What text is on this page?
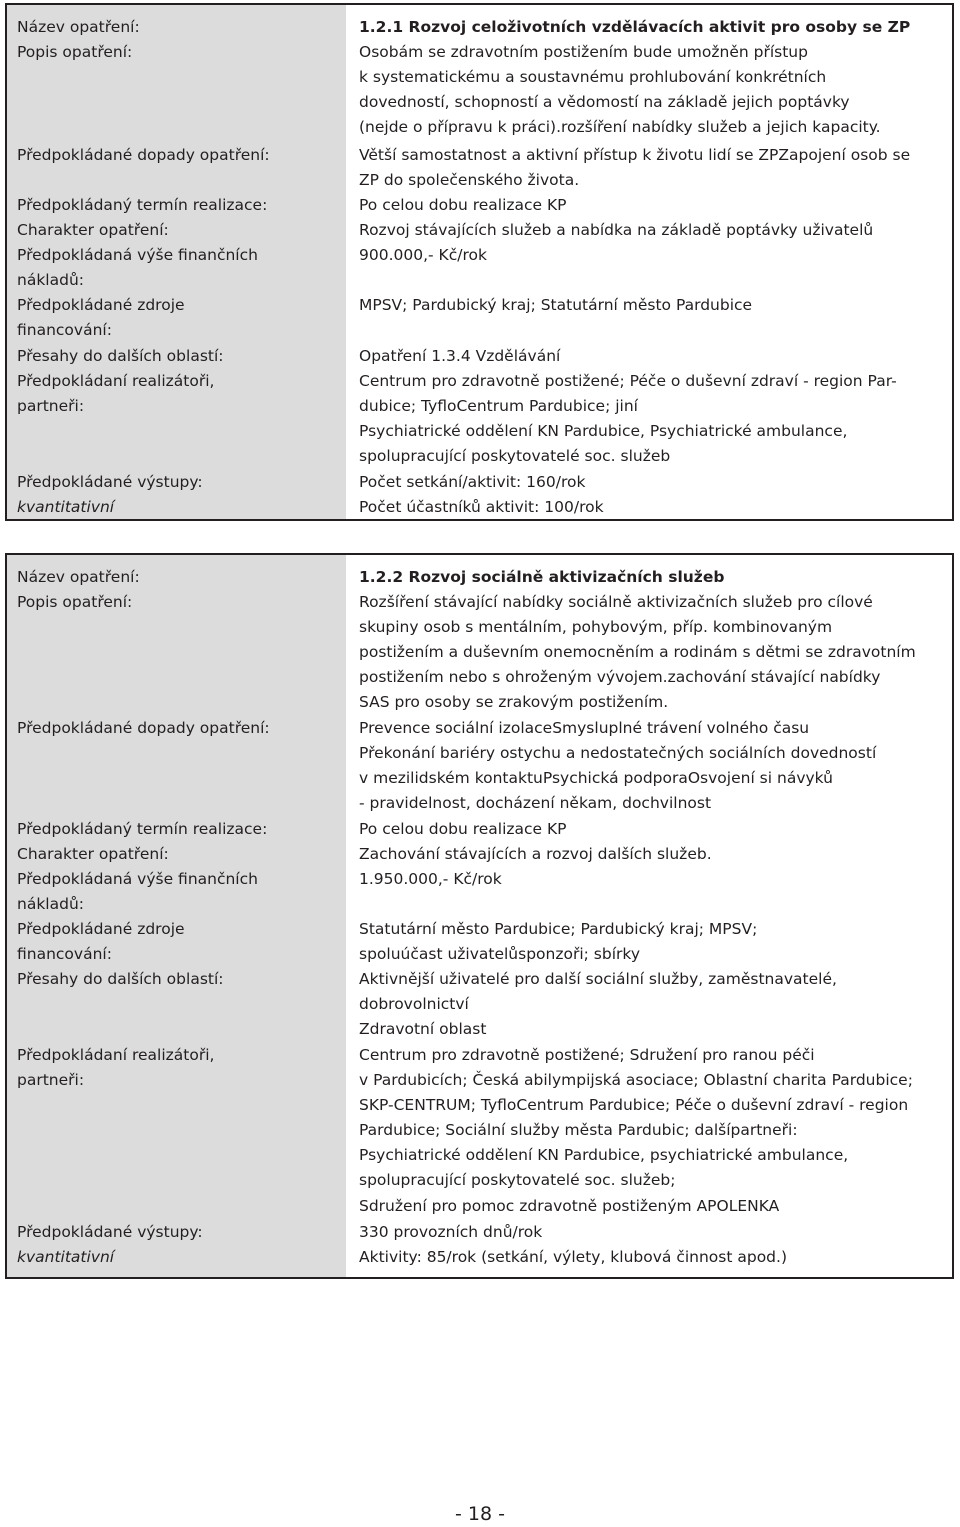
Název opatření:
Popis opatření:
Předpokládané dopady opatření:
Předpokládaný termín realizace:
Charakter opatření:
Předpokládaná výše finančních
nákladů:
Předpokládané zdroje
financování:
Přesahy do dalších oblastí:
Předpokládaní realizátoři,
partneři:
Předpokládané výstupy:
kvantitativní
1.2.1 Rozvoj celoživotních vzdělávacích aktivit pro osoby se ZP
Osobám se zdravotním postižením bude umožněn přístup
k systematickému a soustavnému prohlubování konkrétních
dovedností, schopností a vědomostí na základě jejich poptávky
(nejde o přípravu k práci).rozšíření nabídky služeb a jejich kapacity.
Větší samostatnost a aktivní přístup k životu lidí se ZPZapojení osob se
ZP do společenského života.
Po celou dobu realizace KP
Rozvoj stávajících služeb a nabídka na základě poptávky uživatelů
900.000,- Kč/rok
MPSV; Pardubický kraj; Statutární město Pardubice
Opatření 1.3.4 Vzdělávání
Centrum pro zdravotně postižené; Péče o duševní zdraví - region Par-
dubice; TyfloCentrum Pardubice; jiní
Psychiatrické oddělení KN Pardubice, Psychiatrické ambulance,
spolupracující poskytovatelé soc. služeb
Počet setkání/aktivit: 160/rok
Počet účastníků aktivit: 100/rok
Název opatření:
Popis opatření:
Předpokládané dopady opatření:
Předpokládaný termín realizace:
Charakter opatření:
Předpokládaná výše finančních
nákladů:
Předpokládané zdroje
financování:
Přesahy do dalších oblastí:
Předpokládaní realizátoři,
partneři:
Předpokládané výstupy:
kvantitativní
1.2.2 Rozvoj sociálně aktivizačních služeb
Rozšíření stávající nabídky sociálně aktivizačních služeb pro cílové
skupiny osob s mentálním, pohybovým, příp. kombinovaným
postižením a duševním onemocněním a rodinám s dětmi se zdravotním
postižením nebo s ohroženým vývojem.zachování stávající nabídky
SAS pro osoby se zrakovým postižením.
Prevence sociální izolaceSmysluplné trávení volného času
Překonání bariéry ostychu a nedostatečných sociálních dovedností
v mezilidském kontaktuPsychická podporaOsvojení si návyků
- pravidelnost, docházení někam, dochvilnost
Po celou dobu realizace KP
Zachování stávajících a rozvoj dalších služeb.
1.950.000,- Kč/rok
Statutární město Pardubice; Pardubický kraj; MPSV;
spoluúčast uživatelůsponzoři; sbírky
Aktivnější uživatelé pro další sociální služby, zaměstnavatelé,
dobrovolnictví
Zdravotní oblast
Centrum pro zdravotně postižené; Sdružení pro ranou péči
v Pardubicích; Česká abilympijská asociace; Oblastní charita Pardubice;
SKP-CENTRUM; TyfloCentrum Pardubice; Péče o duševní zdraví - region
Pardubice; Sociální služby města Pardubic; dalšípartneři:
Psychiatrické oddělení KN Pardubice, psychiatrické ambulance,
spolupracující poskytovatelé soc. služeb;
Sdružení pro pomoc zdravotně postiženým APOLENKA
330 provozních dnů/rok
Aktivity: 85/rok (setkání, výlety, klubová činnost apod.)
- 18 -
